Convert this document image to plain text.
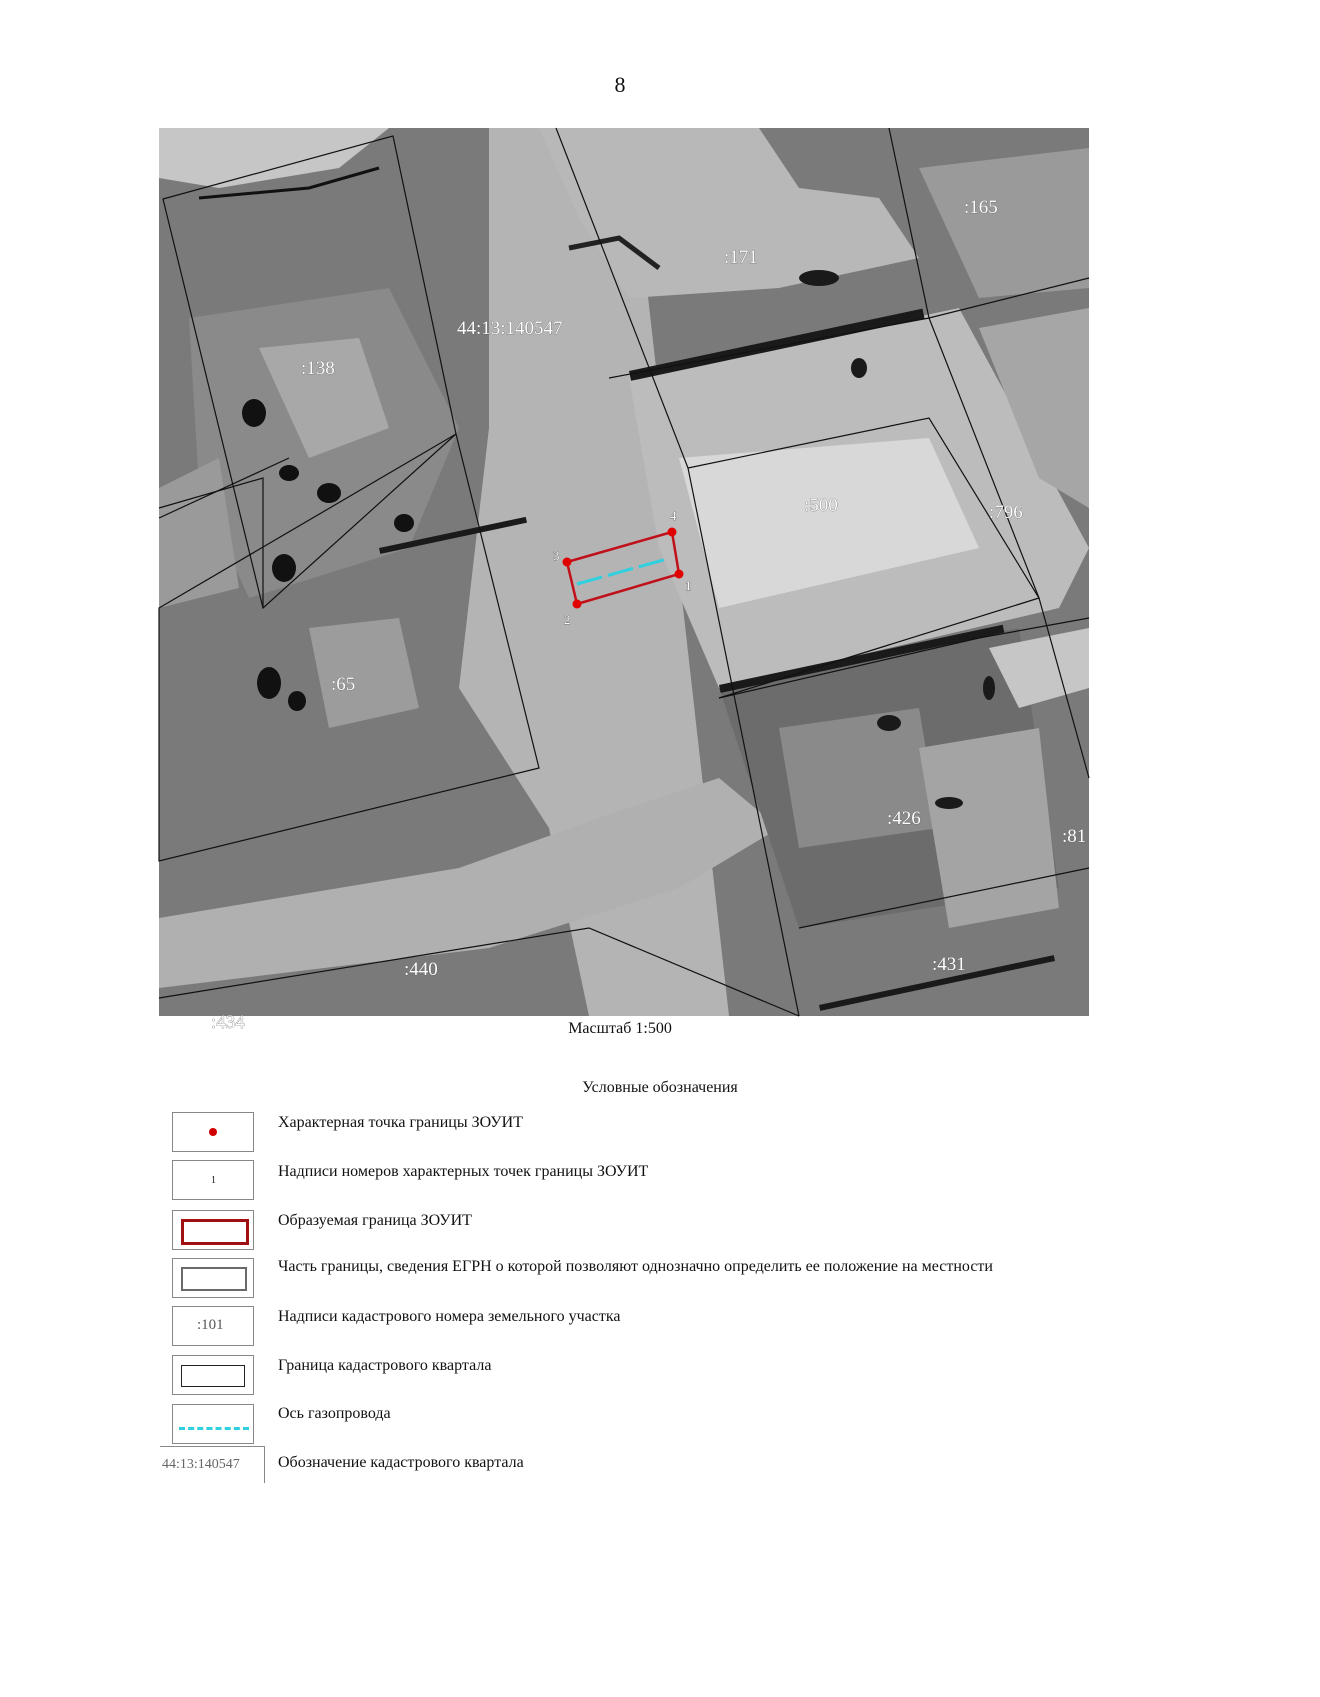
8
:165
:171
:138
:500	:796
:65
:426
:81
:440	:431
:434
44:13:140547
1
2
3
4
Масштаб 1:500
Условные обозначения
Характерная точка границы ЗОУИТ
1
Надписи номеров характерных точек границы ЗОУИТ
Образуемая граница ЗОУИТ
Часть границы, сведения ЕГРН о которой позволяют однозначно определить ее положение на местности
:101	Надписи кадастрового номера земельного участка
Граница кадастрового квартала
Ось газопровода
44:13:140547 Обозначение кадастрового квартала
